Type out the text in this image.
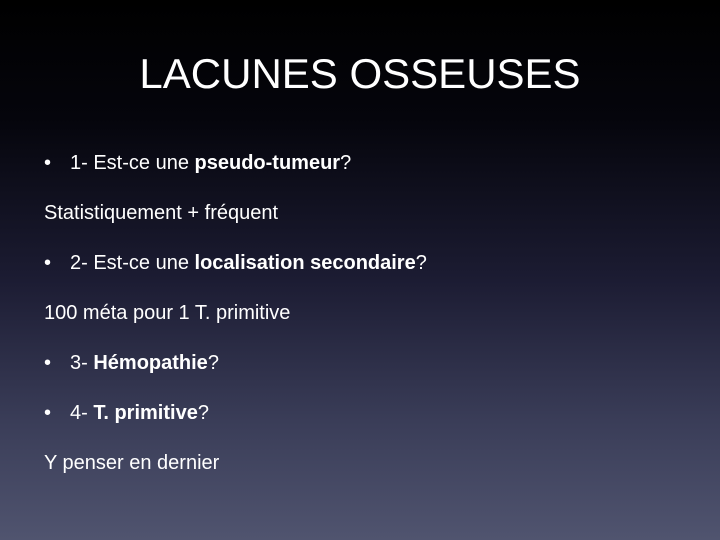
LACUNES OSSEUSES
• 1- Est-ce une pseudo-tumeur?
Statistiquement + fréquent
• 2- Est-ce une localisation secondaire?
100 méta pour 1 T. primitive
• 3- Hémopathie?
• 4- T. primitive?
Y penser en dernier
